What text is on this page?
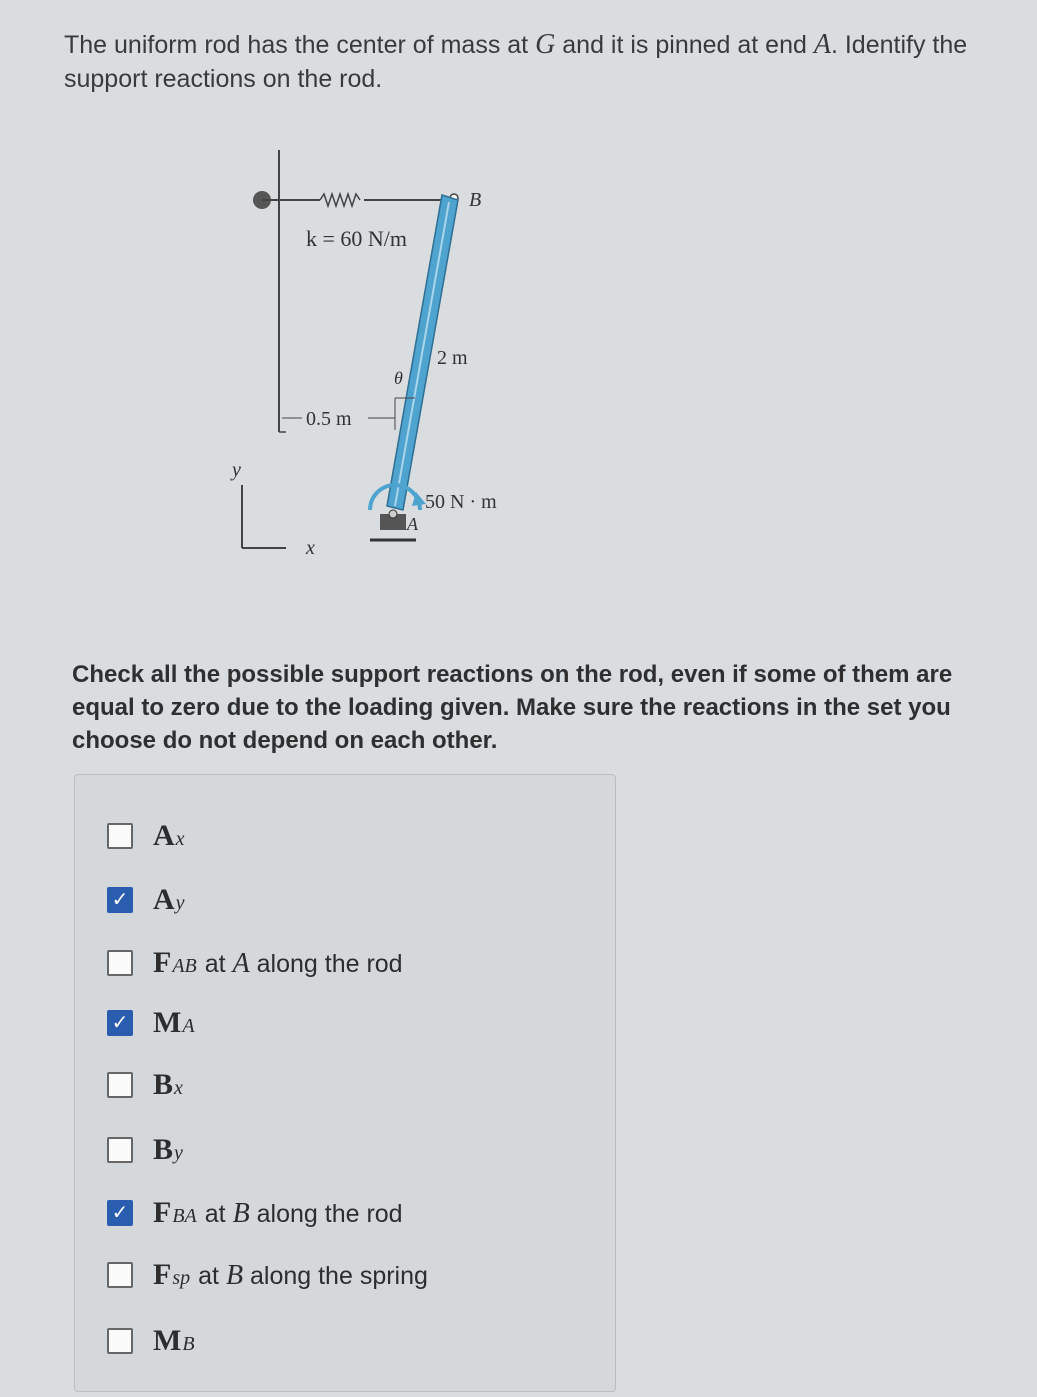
The uniform rod has the center of mass at G and it is pinned at end A. Identify the support reactions on the rod.
k = 60 N/m
B
2 m
θ
0.5 m
50 N · m
A
y
x
Check all the possible support reactions on the rod, even if some of them are equal to zero due to the loading given. Make sure the reactions in the set you choose do not depend on each other.
A x
✓ A y
F AB at A along the rod
✓ M A
B x
B y
✓ F BA at B along the rod
F sp at B along the spring
M B
